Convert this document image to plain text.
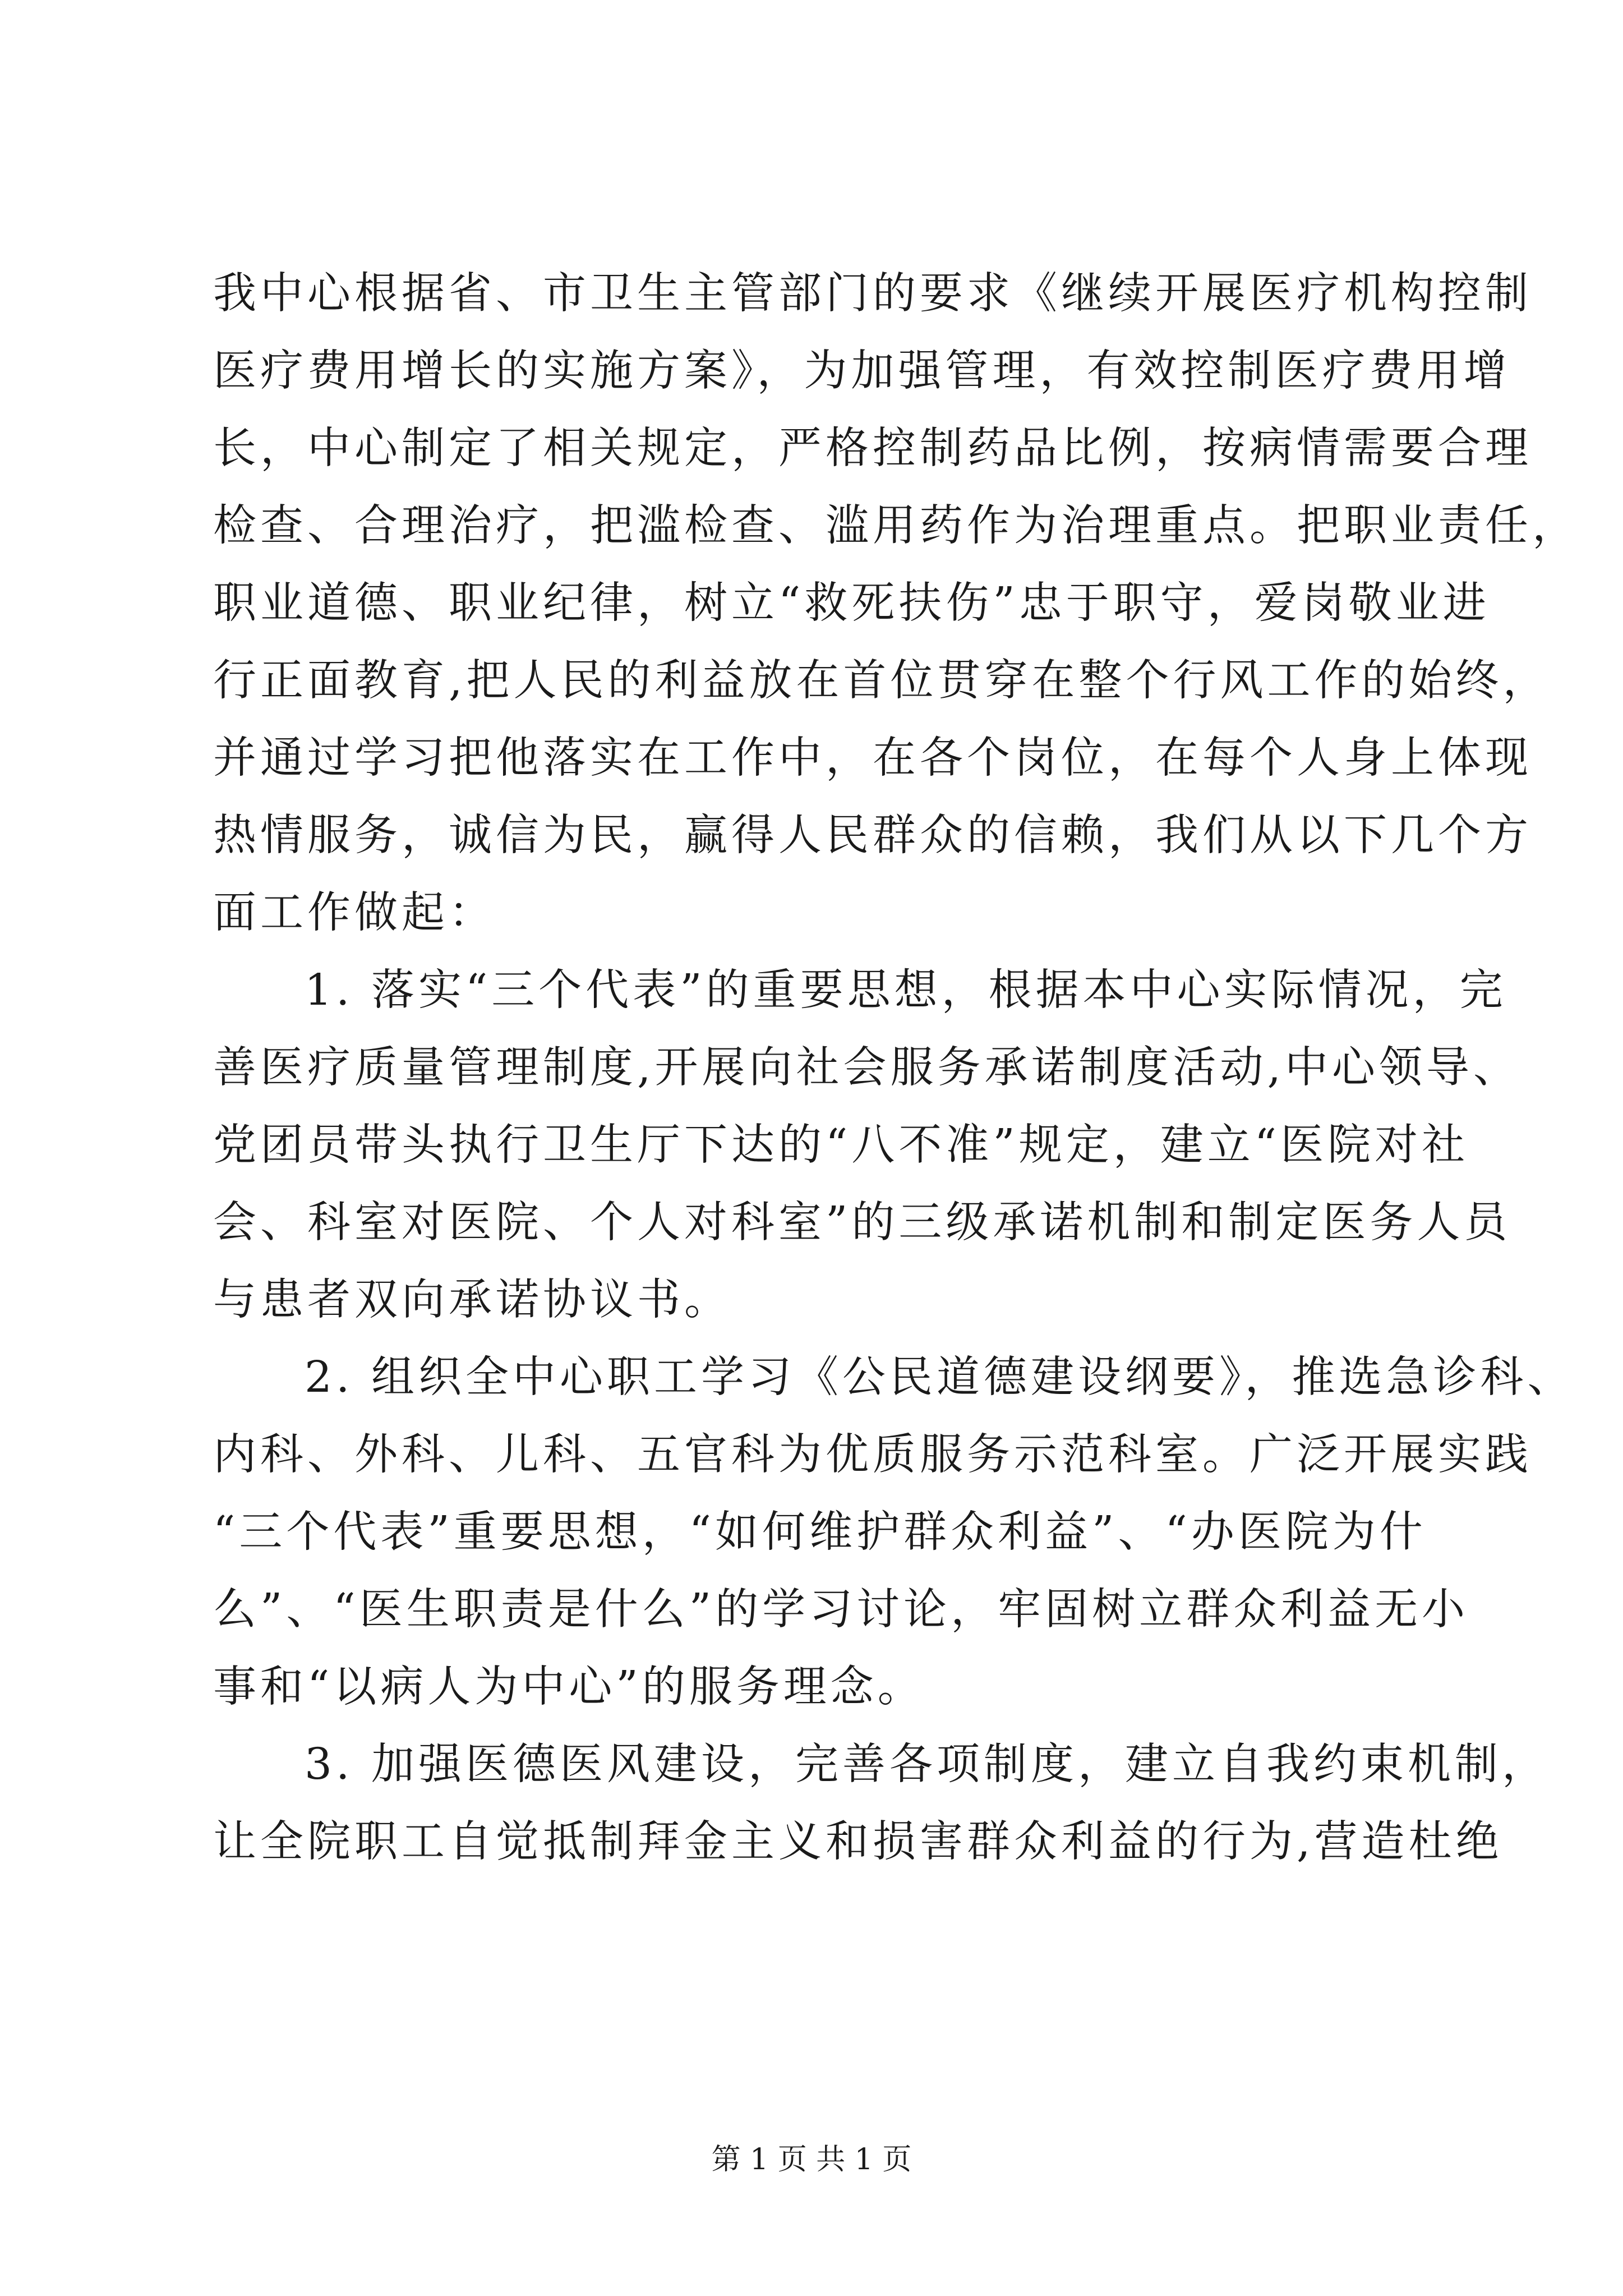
我中心根据省、市卫生主管部门的要求《继续开展医疗机构控制
医疗费用增长的实施方案》，为加强管理，有效控制医疗费用增
长，中心制定了相关规定，严格控制药品比例，按病情需要合理
检查、合理治疗，把滥检查、滥用药作为治理重点。把职业责任，
职业道德、职业纪律，树立“救死扶伤”忠于职守，爱岗敬业进
行正面教育,把人民的利益放在首位贯穿在整个行风工作的始终，
并通过学习把他落实在工作中，在各个岗位，在每个人身上体现
热情服务，诚信为民，赢得人民群众的信赖，我们从以下几个方
面工作做起：
1. 落实“三个代表”的重要思想，根据本中心实际情况，完
善医疗质量管理制度,开展向社会服务承诺制度活动,中心领导、
党团员带头执行卫生厅下达的“八不准”规定，建立“医院对社
会、科室对医院、个人对科室”的三级承诺机制和制定医务人员
与患者双向承诺协议书。
2. 组织全中心职工学习《公民道德建设纲要》，推选急诊科、
内科、外科、儿科、五官科为优质服务示范科室。广泛开展实践
“三个代表”重要思想，“如何维护群众利益”、“办医院为什
么”、“医生职责是什么”的学习讨论，牢固树立群众利益无小
事和“以病人为中心”的服务理念。
3. 加强医德医风建设，完善各项制度，建立自我约束机制，
让全院职工自觉抵制拜金主义和损害群众利益的行为,营造杜绝
第 1 页 共 1 页
